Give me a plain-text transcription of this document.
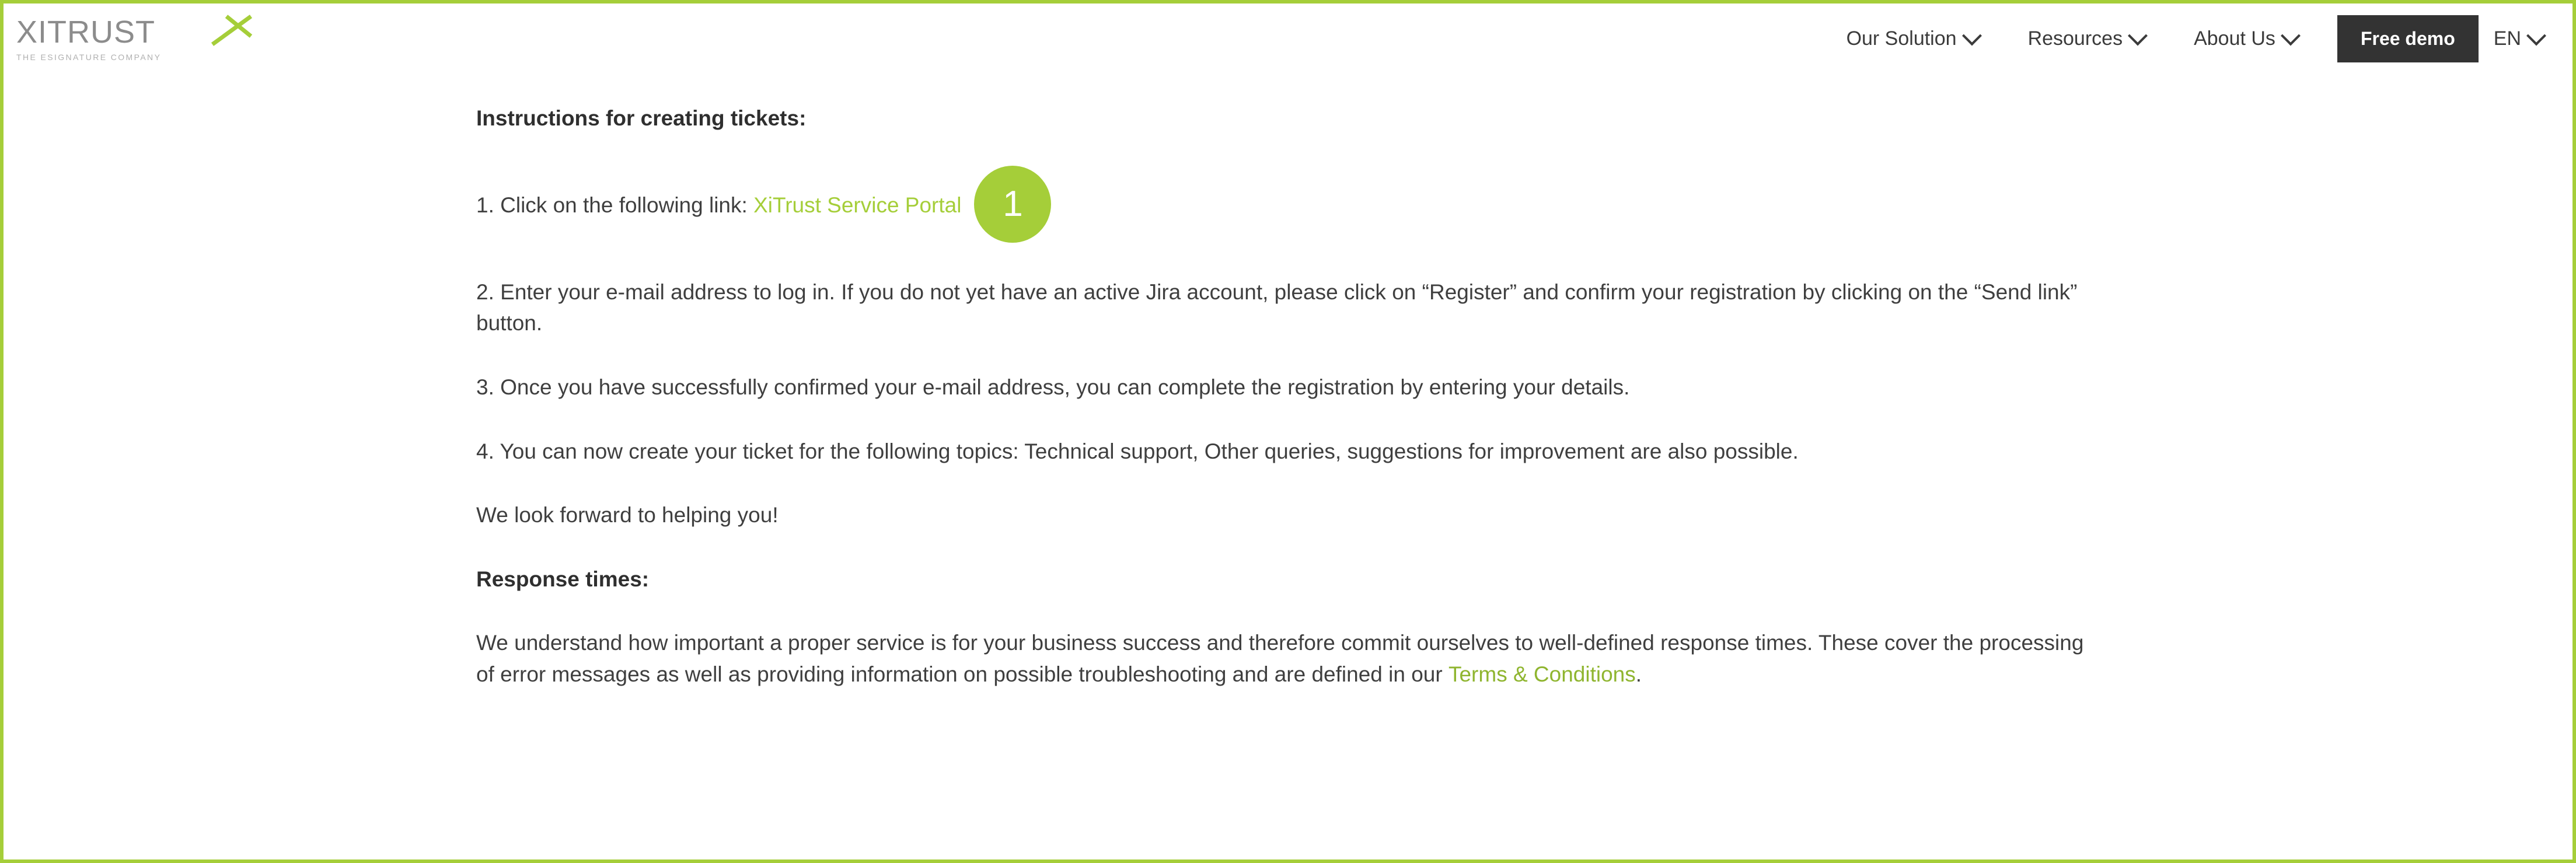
XITRUST
THE ESIGNATURE COMPANY
Our Solution	Resources	About Us	Free demo	EN

Instructions for creating tickets:

1. Click on the following link: XiTrust Service Portal	1

2. Enter your e-mail address to log in. If you do not yet have an active Jira account, please click on “Register” and confirm your registration by clicking on the “Send link” button.

3. Once you have successfully confirmed your e-mail address, you can complete the registration by entering your details.

4. You can now create your ticket for the following topics: Technical support, Other queries, suggestions for improvement are also possible.

We look forward to helping you!

Response times:

We understand how important a proper service is for your business success and therefore commit ourselves to well-defined response times. These cover the processing of error messages as well as providing information on possible troubleshooting and are defined in our Terms & Conditions.
